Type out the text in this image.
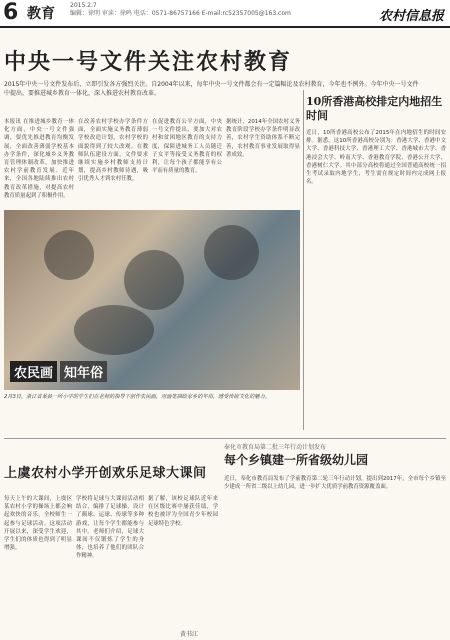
6 教育
2015.2.7
编辑：徐明 审读：徐鸣 电话：0571-86757166 E-mail:rc52357005@163.com	农村信息报
中央一号文件关注农村教育
2015年中央一号文件发布后，立即引发各方强烈关注。自2004年以来，每年中央一号文件都会有一定篇幅论及农村教育，今年也不例外。今年中央一号文件中提出，要推进城乡教育一体化，深入推进农村教育改革。
本报讯 在推进城乡教育一体化方面，中央一号文件强调，要优先推进教育均衡发展，全面改善薄弱学校基本办学条件，深化城乡义务教育管理体制改革，加快推进农村学前教育发展。近年来，全国各地陆续推出农村教育改革措施，对提高农村教育质量起到了积极作用。
在改善农村学校办学条件方面，全面实施义务教育薄弱学校改造计划，农村学校的面貌得到了较大改观。在教师队伍建设方面，文件要求继续实施乡村教师支持计划，提高乡村教师待遇，吸引优秀人才到农村任教。
在促进教育公平方面，中央一号文件提出，要加大对农村和贫困地区教育的支持力度，保障进城务工人员随迁子女平等接受义务教育的权利，让每个孩子都能享有公平而有质量的教育。
据统计，2014年全国农村义务教育阶段学校办学条件明显改善，农村学生资助体系不断完善，农村教育事业发展取得显著成效。
农民画 知年俗
2月3日，浙江省某县一所小学的学生们在老师的指导下创作农民画，用画笔描绘家乡的年俗，感受传统文化的魅力。
10所香港高校排定内地招生时间
近日，10所香港高校公布了2015年在内地招生的时间安排。据悉，这10所香港高校分别为：香港大学、香港中文大学、香港科技大学、香港理工大学、香港城市大学、香港浸会大学、岭南大学、香港教育学院、香港公开大学、香港树仁大学。其中部分高校将通过全国普通高校统一招生考试录取内地学生，考生需在规定时间内完成网上报名。
奉化市教育局第二批三年行动计划发布
每个乡镇建一所省级幼儿园
近日，奉化市教育局发布了学前教育第二轮三年行动计划，提出到2017年，全市每个乡镇至少建成一所省二级以上幼儿园，进一步扩大优质学前教育资源覆盖面。
上虞农村小学开创欢乐足球大课间
每天上午的大课间，上虞区某农村小学的操场上都会响起欢快的音乐，全校师生一起参与足球活动。这项活动开展以来，深受学生欢迎，学生们的体质也得到了明显增强。
学校将足球与大课间活动相结合，编排了足球操，设计了颠球、运球、传球等多种游戏，让每个学生都能参与其中。老师们介绍，足球大课间不仅锻炼了学生的身体，也培养了他们的团队合作精神。
据了解，该校足球队近年来在区级比赛中屡获佳绩，学校也被评为全国青少年校园足球特色学校。
黄书江
